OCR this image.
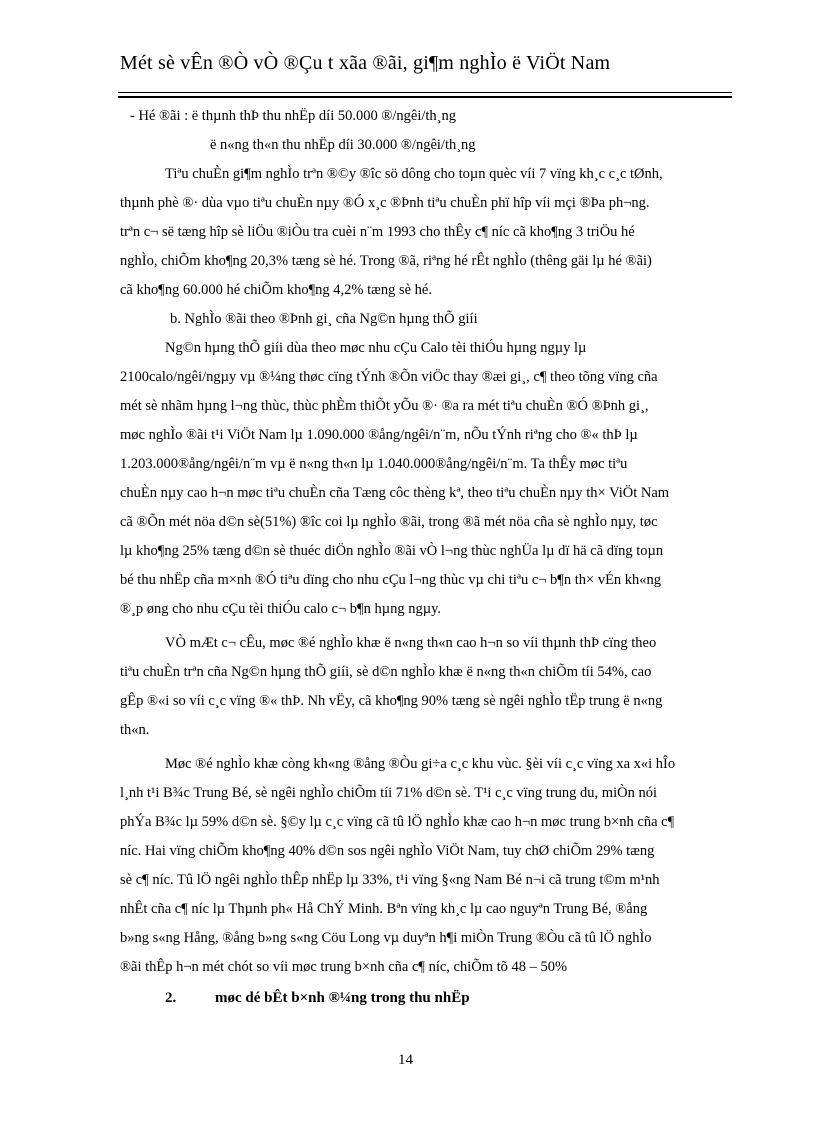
Mét sè vÊn ®Ò vÒ ®Çu t xãa ®ãi, gi¶m nghÌo ë ViÖt Nam
- Hé ®ãi : ë thµnh thÞ thu nhËp díi 50.000 ®/ngêi/th¸ng
ë n«ng th«n thu nhËp díi 30.000 ®/ngêi/th¸ng
Tiªu chuÈn gi¶m nghÌo trªn ®©y ®îc sö dông cho toµn quèc víi 7 vïng kh¸c c¸c tØnh,
thµnh phè ®· dùa vµo tiªu chuÈn nµy ®Ó x¸c ®Þnh tiªu chuÈn phï hîp víi mçi ®Þa ph¬ng.
trªn c¬ së tæng hîp sè liÖu ®iÒu tra cuèi n¨m 1993 cho thÊy c¶ níc cã kho¶ng 3 triÖu hé
nghÌo, chiÕm kho¶ng 20,3% tæng sè hé. Trong ®ã, riªng hé rÊt nghÌo (thêng gäi lµ hé ®ãi)
cã kho¶ng 60.000 hé chiÕm kho¶ng 4,2% tæng sè hé.
b. NghÌo ®ãi theo ®Þnh gi¸ cña Ng©n hµng thÕ giíi
Ng©n hµng thÕ giíi dùa theo møc nhu cÇu Calo tèi thiÓu hµng ngµy lµ
2100calo/ngêi/ngµy vµ ®¼ng thøc cïng tÝnh ®Õn viÖc thay ®æi gi¸, c¶ theo tõng vïng cña
mét sè nhãm hµng l¬ng thùc, thùc phÈm thiÕt yÕu ®· ®a ra mét tiªu chuÈn ®Ó ®Þnh gi¸,
møc nghÌo ®ãi t¹i ViÖt Nam lµ 1.090.000 ®ång/ngêi/n¨m, nÕu tÝnh riªng cho ®« thÞ lµ
1.203.000®ång/ngêi/n¨m vµ ë n«ng th«n lµ 1.040.000®ång/ngêi/n¨m. Ta thÊy møc tiªu
chuÈn nµy cao h¬n møc tiªu chuÈn cña Tæng côc thèng kª, theo tiªu chuÈn nµy th× ViÖt Nam
cã ®Õn mét nöa d©n sè(51%) ®îc coi lµ nghÌo ®ãi, trong ®ã mét nöa cña sè nghÌo nµy, tøc
lµ kho¶ng 25% tæng d©n sè thuéc diÖn nghÌo ®ãi vÒ l¬ng thùc nghÜa lµ dï hä cã dïng toµn
bé thu nhËp cña m×nh ®Ó tiªu dïng cho nhu cÇu l¬ng thùc vµ chi tiªu c¬ b¶n th× vÉn kh«ng
®¸p øng cho nhu cÇu tèi thiÓu calo c¬ b¶n hµng ngµy.
VÒ mÆt c¬ cÊu, møc ®é nghÌo khæ ë n«ng th«n cao h¬n so víi thµnh thÞ cïng theo
tiªu chuÈn trªn cña Ng©n hµng thÕ giíi, sè d©n nghÌo khæ ë n«ng th«n chiÕm tíi 54%, cao
gÊp ®«i so víi c¸c vïng ®« thÞ. Nh vËy, cã kho¶ng 90% tæng sè ngêi nghÌo tËp trung ë n«ng
th«n.
Møc ®é nghÌo khæ còng kh«ng ®ång ®Òu gi÷a c¸c khu vùc. §èi víi c¸c vïng xa x«i hÎo
l¸nh t¹i B¾c Trung Bé, sè ngêi nghÌo chiÕm tíi 71% d©n sè. T¹i c¸c vïng trung du, miÒn nói
phÝa B¾c lµ 59% d©n sè. §©y lµ c¸c vïng cã tû lÖ nghÌo khæ cao h¬n møc trung b×nh cña c¶
níc. Hai vïng chiÕm kho¶ng 40% d©n sos ngêi nghÌo ViÖt Nam, tuy chØ chiÕm 29% tæng
sè c¶ níc. Tû lÖ ngêi nghÌo thÊp nhËp lµ 33%, t¹i vïng §«ng Nam Bé n¬i cã trung t©m m¹nh
nhÊt cña c¶ níc lµ Thµnh ph« Hå ChÝ Minh. Bªn vïng kh¸c lµ cao nguyªn Trung Bé, ®ång
b»ng s«ng Hång, ®ång b»ng s«ng Cöu Long vµ duyªn h¶i miÒn Trung ®Òu cã tû lÖ nghÌo
®ãi thÊp h¬n mét chót so víi møc trung b×nh cña c¶ níc, chiÕm tõ 48 – 50%
2.	møc dé bÊt b×nh ®¼ng trong thu nhËp
14
